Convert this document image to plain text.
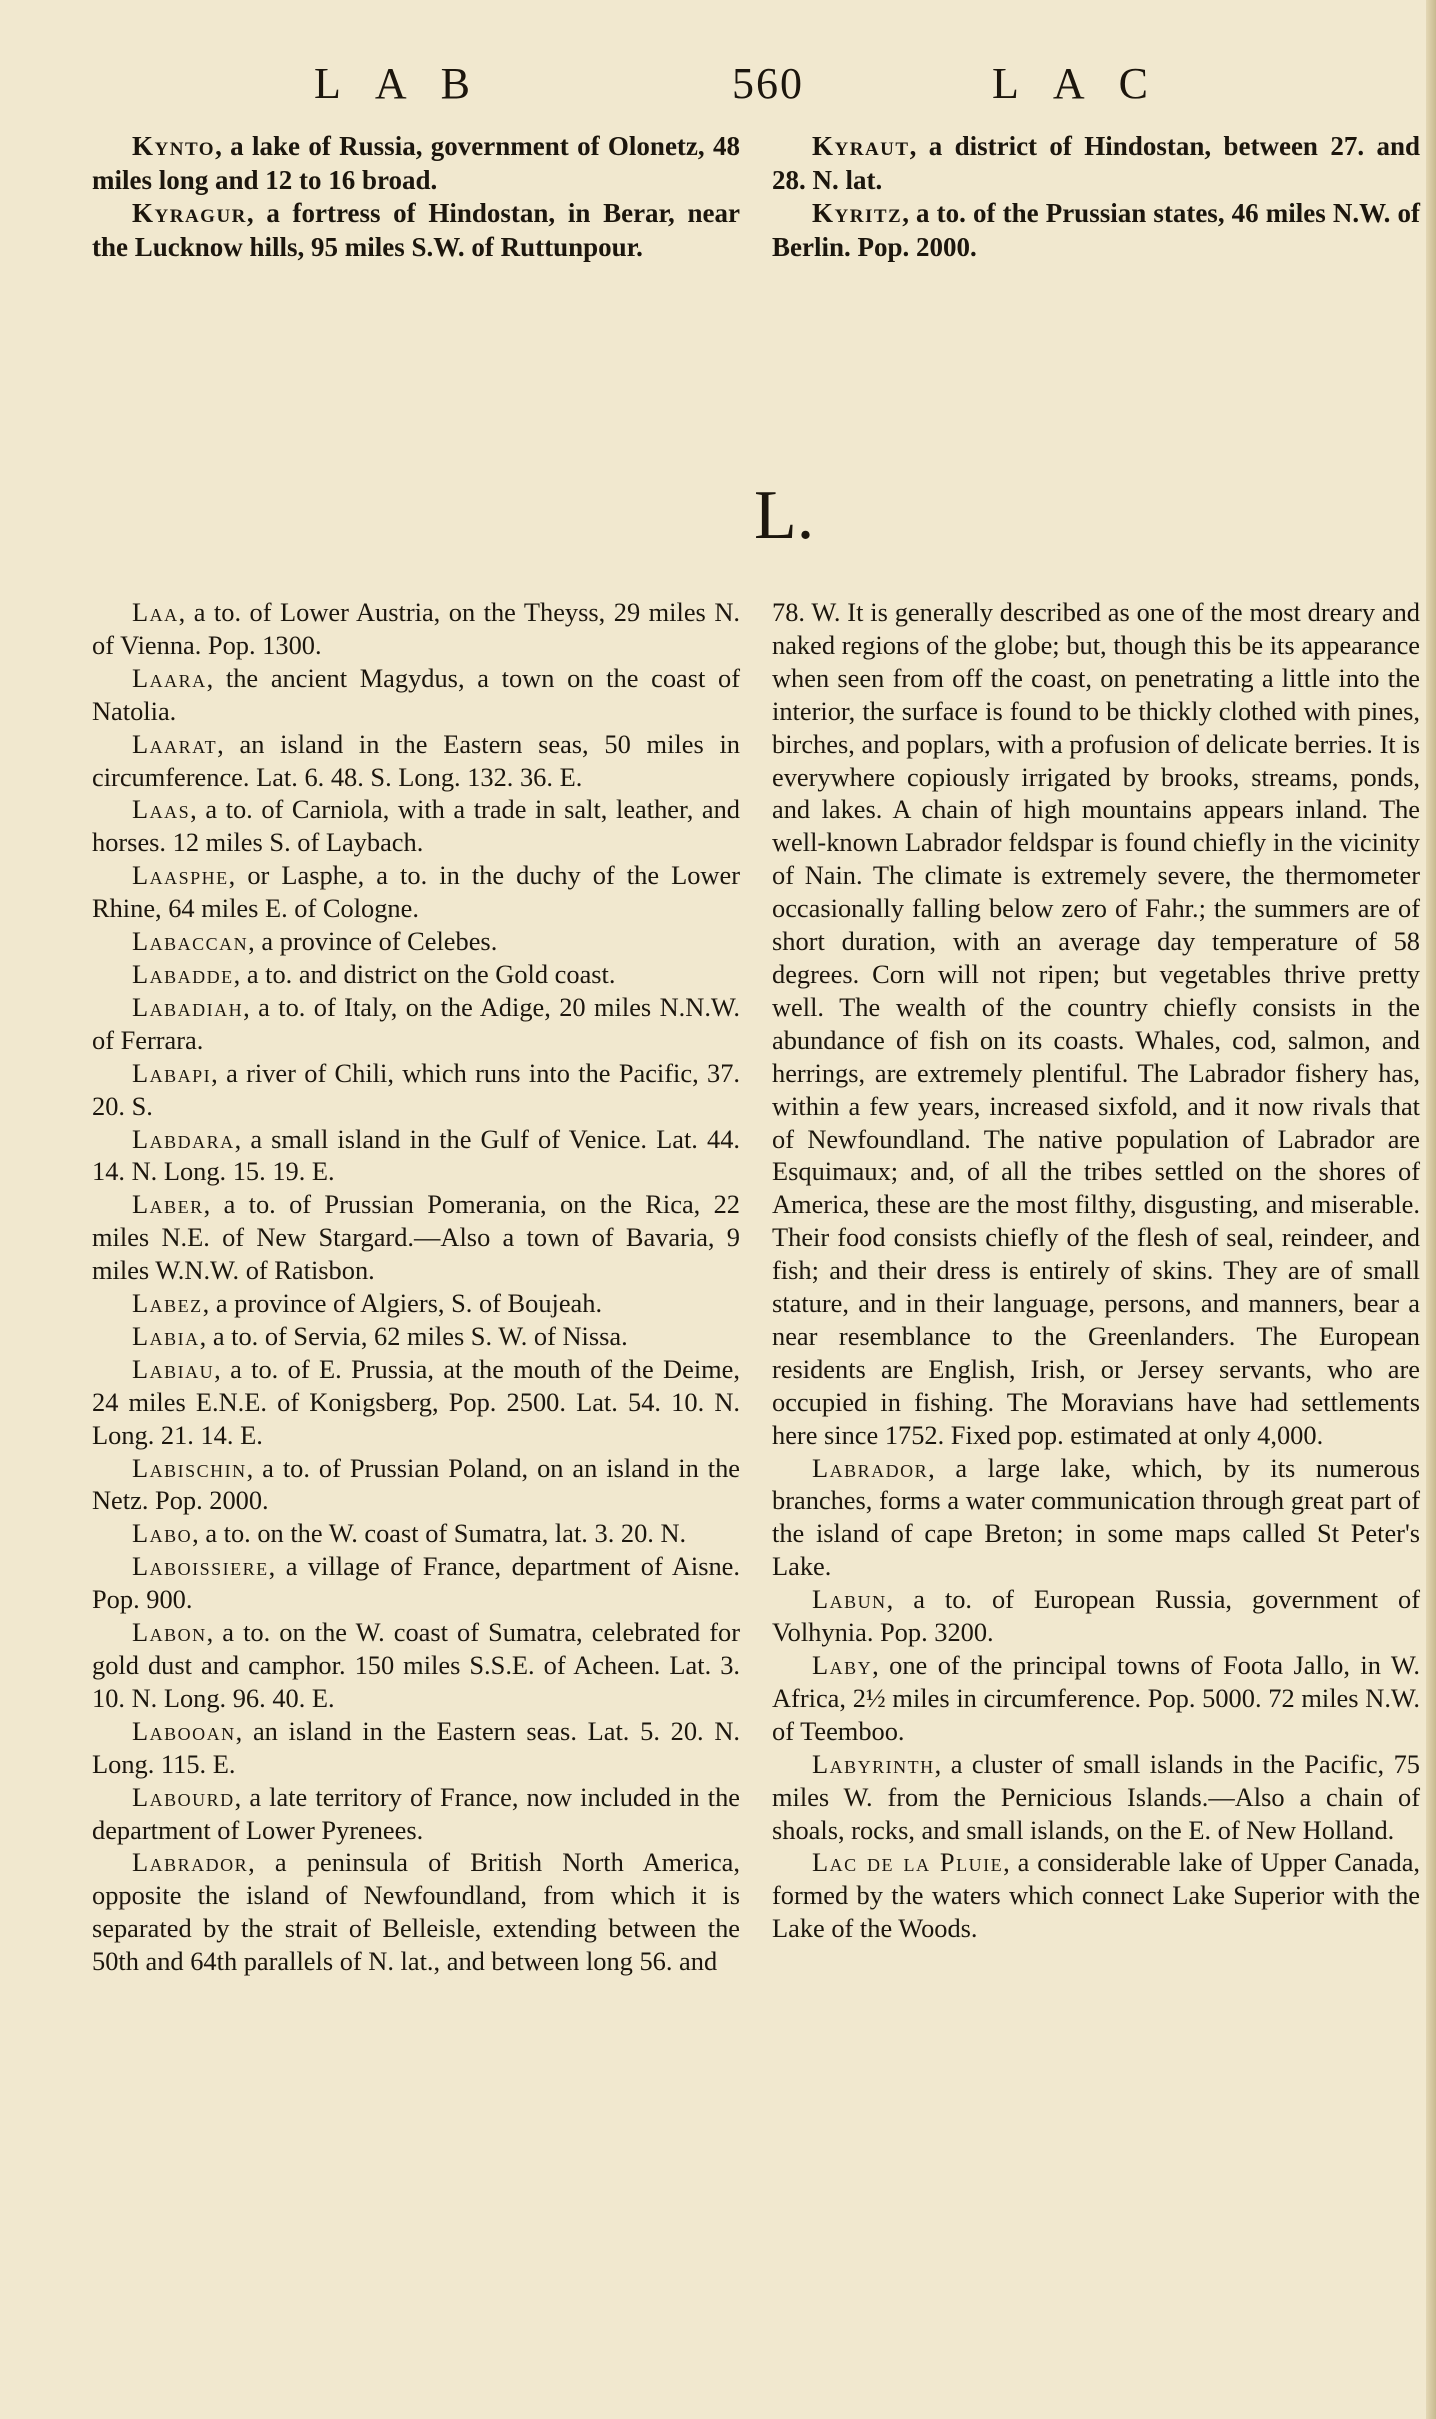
LAB	560	LAC

Kynto, a lake of Russia, government of Olonetz, 48 miles long and 12 to 16 broad.

Kyragur, a fortress of Hindostan, in Berar, near the Lucknow hills, 95 miles S.W. of Ruttunpour.

Kyraut, a district of Hindostan, between 27. and 28. N. lat.

Kyritz, a to. of the Prussian states, 46 miles N.W. of Berlin. Pop. 2000.

L.

Laa, a to. of Lower Austria, on the Theyss, 29 miles N. of Vienna. Pop. 1300.

Laara, the ancient Magydus, a town on the coast of Natolia.

Laarat, an island in the Eastern seas, 50 miles in circumference. Lat. 6. 48. S. Long. 132. 36. E.

Laas, a to. of Carniola, with a trade in salt, leather, and horses. 12 miles S. of Laybach.

Laasphe, or Lasphe, a to. in the duchy of the Lower Rhine, 64 miles E. of Cologne.

Labaccan, a province of Celebes.

Labadde, a to. and district on the Gold coast.

Labadiah, a to. of Italy, on the Adige, 20 miles N.N.W. of Ferrara.

Labapi, a river of Chili, which runs into the Pacific, 37. 20. S.

Labdara, a small island in the Gulf of Venice. Lat. 44. 14. N. Long. 15. 19. E.

Laber, a to. of Prussian Pomerania, on the Rica, 22 miles N.E. of New Stargard.—Also a town of Bavaria, 9 miles W.N.W. of Ratisbon.

Labez, a province of Algiers, S. of Boujeah.

Labia, a to. of Servia, 62 miles S. W. of Nissa.

Labiau, a to. of E. Prussia, at the mouth of the Deime, 24 miles E.N.E. of Konigsberg, Pop. 2500. Lat. 54. 10. N. Long. 21. 14. E.

Labischin, a to. of Prussian Poland, on an island in the Netz. Pop. 2000.

Labo, a to. on the W. coast of Sumatra, lat. 3. 20. N.

Laboissiere, a village of France, department of Aisne. Pop. 900.

Labon, a to. on the W. coast of Sumatra, celebrated for gold dust and camphor. 150 miles S.S.E. of Acheen. Lat. 3. 10. N. Long. 96. 40. E.

Labooan, an island in the Eastern seas. Lat. 5. 20. N. Long. 115. E.

Labourd, a late territory of France, now included in the department of Lower Pyrenees.

Labrador, a peninsula of British North America, opposite the island of Newfoundland, from which it is separated by the strait of Belleisle, extending between the 50th and 64th parallels of N. lat., and between long 56. and

78. W. It is generally described as one of the most dreary and naked regions of the globe; but, though this be its appearance when seen from off the coast, on penetrating a little into the interior, the surface is found to be thickly clothed with pines, birches, and poplars, with a profusion of delicate berries. It is everywhere copiously irrigated by brooks, streams, ponds, and lakes. A chain of high mountains appears inland. The well-known Labrador feldspar is found chiefly in the vicinity of Nain. The climate is extremely severe, the thermometer occasionally falling below zero of Fahr.; the summers are of short duration, with an average day temperature of 58 degrees. Corn will not ripen; but vegetables thrive pretty well. The wealth of the country chiefly consists in the abundance of fish on its coasts. Whales, cod, salmon, and herrings, are extremely plentiful. The Labrador fishery has, within a few years, increased sixfold, and it now rivals that of Newfoundland. The native population of Labrador are Esquimaux; and, of all the tribes settled on the shores of America, these are the most filthy, disgusting, and miserable. Their food consists chiefly of the flesh of seal, reindeer, and fish; and their dress is entirely of skins. They are of small stature, and in their language, persons, and manners, bear a near resemblance to the Greenlanders. The European residents are English, Irish, or Jersey servants, who are occupied in fishing. The Moravians have had settlements here since 1752. Fixed pop. estimated at only 4,000.

Labrador, a large lake, which, by its numerous branches, forms a water communication through great part of the island of cape Breton; in some maps called St Peter's Lake.

Labun, a to. of European Russia, government of Volhynia. Pop. 3200.

Laby, one of the principal towns of Foota Jallo, in W. Africa, 2½ miles in circumference. Pop. 5000. 72 miles N.W. of Teemboo.

Labyrinth, a cluster of small islands in the Pacific, 75 miles W. from the Pernicious Islands.—Also a chain of shoals, rocks, and small islands, on the E. of New Holland.

Lac de la Pluie, a considerable lake of Upper Canada, formed by the waters which connect Lake Superior with the Lake of the Woods.
